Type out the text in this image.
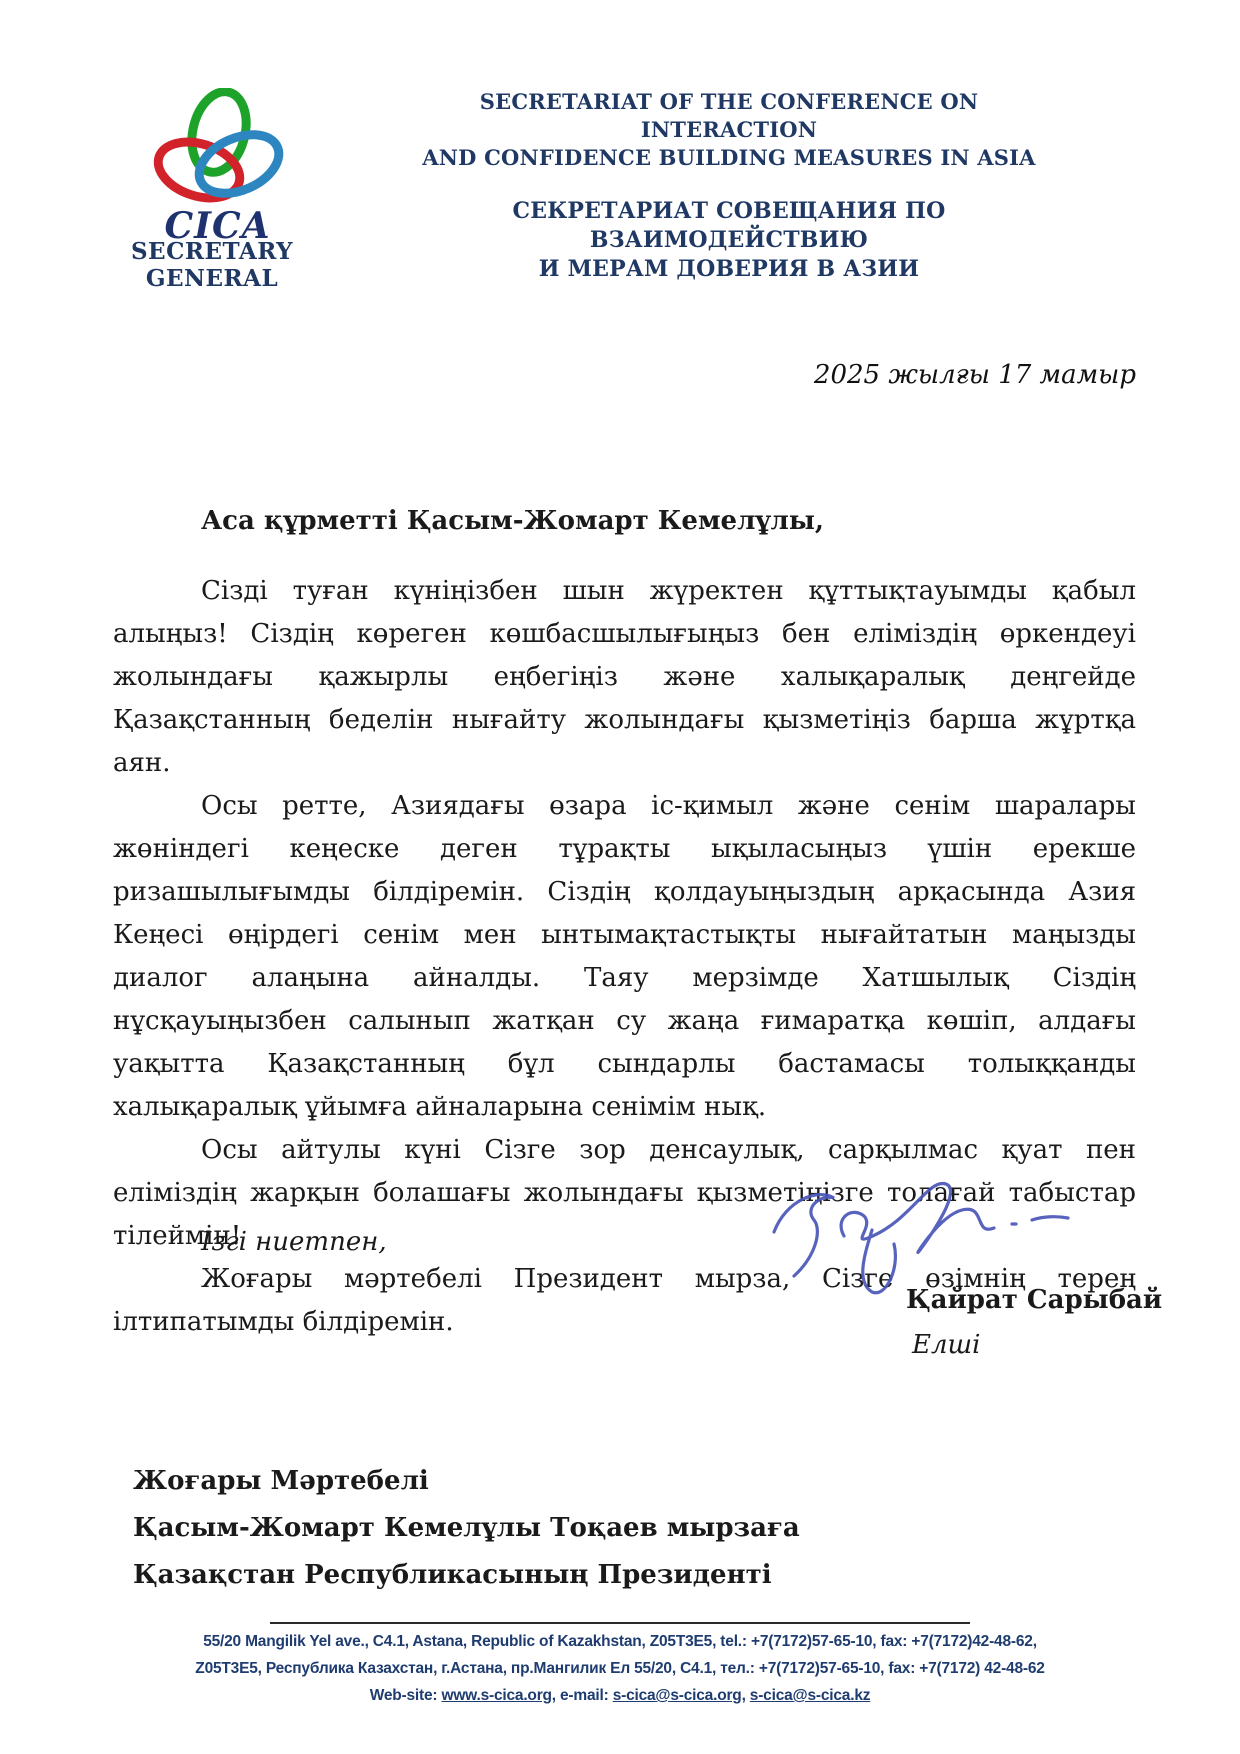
CICA
SECRETARY GENERAL
SECRETARIAT OF THE CONFERENCE ON INTERACTION
AND CONFIDENCE BUILDING MEASURES IN ASIA
СЕКРЕТАРИАТ СОВЕЩАНИЯ ПО ВЗАИМОДЕЙСТВИЮ
И МЕРАМ ДОВЕРИЯ В АЗИИ
2025 жылғы 17 мамыр

Аса құрметті Қасым-Жомарт Кемелұлы,

Сізді туған күніңізбен шын жүректен құттықтауымды қабыл алыңыз! Сіздің көреген көшбасшылығыңыз бен еліміздің өркендеуі жолындағы қажырлы еңбегіңіз және халықаралық деңгейде Қазақстанның беделін нығайту жолындағы қызметіңіз барша жұртқа аян.

Осы ретте, Азиядағы өзара іс-қимыл және сенім шаралары жөніндегі кеңеске деген тұрақты ықыласыңыз үшін ерекше ризашылығымды білдіремін. Сіздің қолдауыңыздың арқасында Азия Кеңесі өңірдегі сенім мен ынтымақтастықты нығайтатын маңызды диалог алаңына айналды. Таяу мерзімде Хатшылық Сіздің нұсқауыңызбен салынып жатқан су жаңа ғимаратқа көшіп, алдағы уақытта Қазақстанның бұл сындарлы бастамасы толыққанды халықаралық ұйымға айналарына сенімім нық.

Осы айтулы күні Сізге зор денсаулық, сарқылмас қуат пен еліміздің жарқын болашағы жолындағы қызметіңізге толағай табыстар тілеймін!

Жоғары мәртебелі Президент мырза, Сізге өзімнің терең ілтипатымды білдіремін.

Ізгі ниетпен,
Қайрат Сарыбай
Елші
Жоғары Мәртебелі
Қасым-Жомарт Кемелұлы Тоқаев мырзаға
Қазақстан Республикасының Президенті
55/20 Mangilik Yel ave., C4.1, Astana, Republic of Kazakhstan, Z05T3E5, tel.: +7(7172)57-65-10, fax: +7(7172)42-48-62,
Z05T3E5, Республика Казахстан, г.Астана, пр.Мангилик Ел 55/20, С4.1, тел.: +7(7172)57-65-10, fax: +7(7172) 42-48-62
Web-site: www.s-cica.org, e-mail: s-cica@s-cica.org, s-cica@s-cica.kz
